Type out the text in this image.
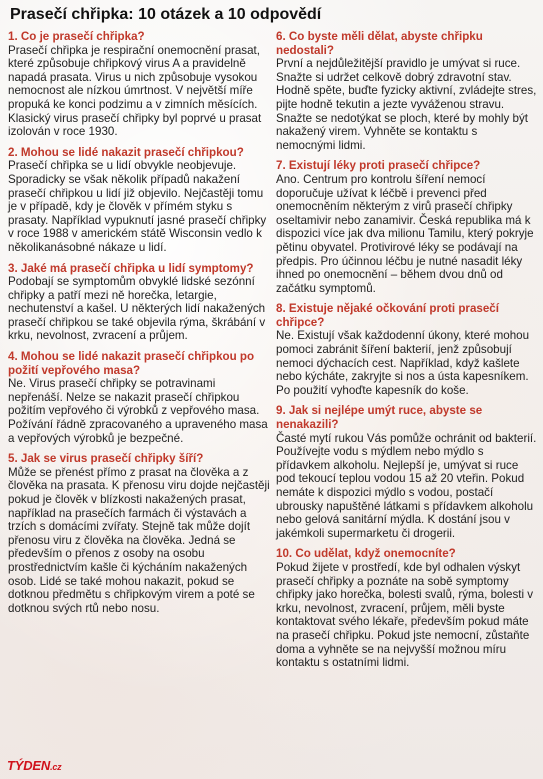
Prasečí chřipka: 10 otázek a 10 odpovědí
1. Co je prasečí chřipka?
Prasečí chřipka je respirační onemocnění prasat, které způsobuje chřipkový virus A a pravidelně napadá prasata. Virus u nich způsobuje vysokou nemocnost ale nízkou úmrtnost. V největší míře propuká ke konci podzimu a v zimních měsících. Klasický virus prasečí chřipky byl poprvé u prasat izolován v roce 1930.
2. Mohou se lidé nakazit prasečí chřipkou?
Prasečí chřipka se u lidí obvykle neobjevuje. Sporadicky se však několik případů nakažení prasečí chřipkou u lidí již objevilo. Nejčastěji tomu je v případě, kdy je člověk v přímém styku s prasaty. Například vypuknutí jasné prasečí chřipky v roce 1988 v americkém státě Wisconsin vedlo k několikanásobné nákaze u lidí.
3. Jaké má prasečí chřipka u lidí symptomy?
Podobají se symptomům obvyklé lidské sezónní chřipky a patří mezi ně horečka, letargie, nechutenství a kašel. U některých lidí nakažených prasečí chřipkou se také objevila rýma, škrábání v krku, nevolnost, zvracení a průjem.
4. Mohou se lidé nakazit prasečí chřipkou po požití vepřového masa?
Ne. Virus prasečí chřipky se potravinami nepřenáší. Nelze se nakazit prasečí chřipkou požitím vepřového či výrobků z vepřového masa. Požívání řádně zpracovaného a upraveného masa a vepřových výrobků je bezpečné.
5. Jak se virus prasečí chřipky šíří?
Může se přenést přímo z prasat na člověka a z člověka na prasata. K přenosu viru dojde nejčastěji pokud je člověk v blízkosti nakažených prasat, například na prasečích farmách či výstavách a trzích s domácími zvířaty. Stejně tak může dojít přenosu viru z člověka na člověka. Jedná se především o přenos z osoby na osobu prostřednictvím kašle či kýcháním nakažených osob. Lidé se také mohou nakazit, pokud se dotknou předmětu s chřipkovým virem a poté se dotknou svých rtů nebo nosu.
6. Co byste měli dělat, abyste chřipku nedostali?
První a nejdůležitější pravidlo je umývat si ruce. Snažte si udržet celkově dobrý zdravotní stav. Hodně spěte, buďte fyzicky aktivní, zvládejte stres, pijte hodně tekutin a jezte vyváženou stravu. Snažte se nedotýkat se ploch, které by mohly být nakažený virem. Vyhněte se kontaktu s nemocnými lidmi.
7. Existují léky proti prasečí chřipce?
Ano. Centrum pro kontrolu šíření nemocí doporučuje užívat k léčbě i prevenci před onemocněním některým z virů prasečí chřipky oseltamivir nebo zanamivir. Česká republika má k dispozici více jak dva milionu Tamilu, který pokryje pětinu obyvatel. Protivirové léky se podávají na předpis. Pro účinnou léčbu je nutné nasadit léky ihned po onemocnění – během dvou dnů od začátku symptomů.
8. Existuje nějaké očkování proti prasečí chřipce?
Ne. Existují však každodenní úkony, které mohou pomoci zabránit šíření bakterií, jenž způsobují nemoci dýchacích cest. Například, když kašlete nebo kýcháte, zakryjte si nos a ústa kapesníkem. Po použití vyhoďte kapesník do koše.
9. Jak si nejlépe umýt ruce, abyste se nenakazili?
Časté mytí rukou Vás pomůže ochránit od bakterií. Používejte vodu s mýdlem nebo mýdlo s přídavkem alkoholu. Nejlepší je, umývat si ruce pod tekoucí teplou vodou 15 až 20 vteřin. Pokud nemáte k dispozici mýdlo s vodou, postačí ubrousky napuštěné látkami s přídavkem alkoholu nebo gelová sanitární mýdla. K dostání jsou v jakémkoli supermarketu či drogerii.
10. Co udělat, když onemocníte?
Pokud žijete v prostředí, kde byl odhalen výskyt prasečí chřipky a poznáte na sobě symptomy chřipky jako horečka, bolesti svalů, rýma, bolesti v krku, nevolnost, zvracení, průjem, měli byste kontaktovat svého lékaře, především pokud máte na prasečí chřipku. Pokud jste nemocní, zůstaňte doma a vyhněte se na nejvyšší možnou míru kontaktu s ostatními lidmi.
TÝDEN.cz
